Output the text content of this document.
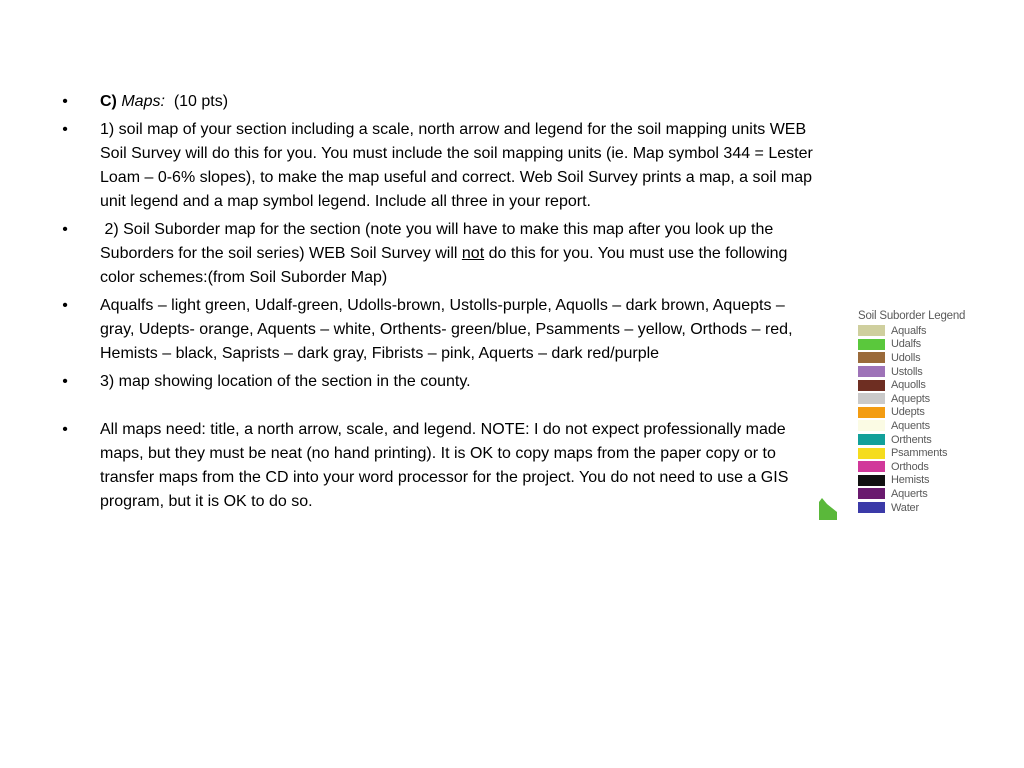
• C) Maps: (10 pts)
• 1) soil map of your section including a scale, north arrow and legend for the soil mapping units WEB Soil Survey will do this for you. You must include the soil mapping units (ie. Map symbol 344 = Lester Loam – 0-6% slopes), to make the map useful and correct. Web Soil Survey prints a map, a soil map unit legend and a map symbol legend. Include all three in your report.
• 2) Soil Suborder map for the section (note you will have to make this map after you look up the Suborders for the soil series) WEB Soil Survey will not do this for you. You must use the following color schemes:(from Soil Suborder Map)
• Aqualfs – light green, Udalf-green, Udolls-brown, Ustolls-purple, Aquolls – dark brown, Aquepts – gray, Udepts- orange, Aquents – white, Orthents- green/blue, Psamments – yellow, Orthods – red, Hemists – black, Saprists – dark gray, Fibrists – pink, Aquerts – dark red/purple
• 3) map showing location of the section in the county.
• All maps need: title, a north arrow, scale, and legend. NOTE: I do not expect professionally made maps, but they must be neat (no hand printing). It is OK to copy maps from the paper copy or to transfer maps from the CD into your word processor for the project. You do not need to use a GIS program, but it is OK to do so.
Soil Suborder Legend
Aqualfs
Udalfs
Udolls
Ustolls
Aquolls
Aquepts
Udepts
Aquents
Orthents
Psamments
Orthods
Hemists
Aquerts
Water
